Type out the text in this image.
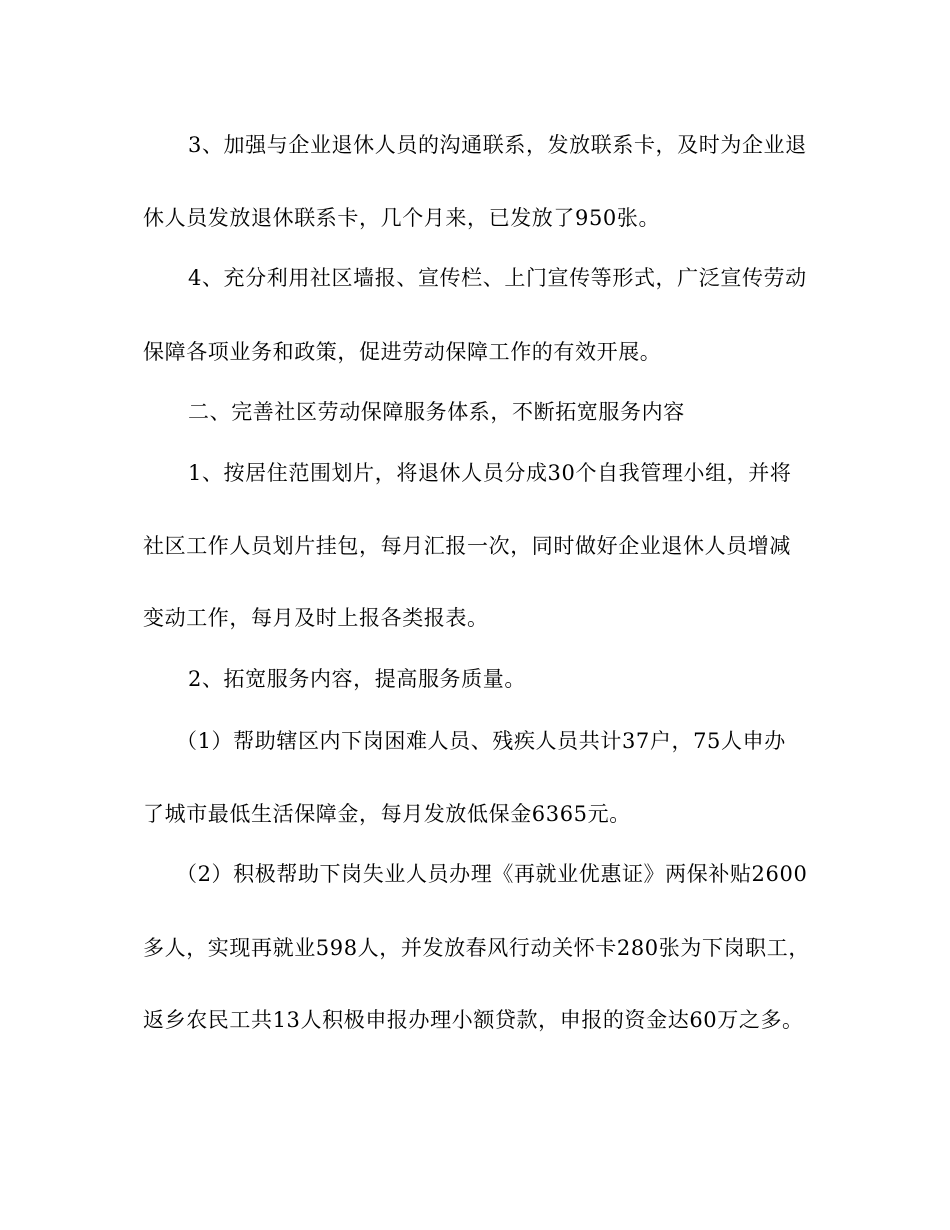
3、加强与企业退休人员的沟通联系，发放联系卡，及时为企业退
休人员发放退休联系卡，几个月来，已发放了950张。
4、充分利用社区墙报、宣传栏、上门宣传等形式，广泛宣传劳动
保障各项业务和政策，促进劳动保障工作的有效开展。
二、完善社区劳动保障服务体系，不断拓宽服务内容
1、按居住范围划片，将退休人员分成30个自我管理小组，并将
社区工作人员划片挂包，每月汇报一次，同时做好企业退休人员增减
变动工作，每月及时上报各类报表。
2、拓宽服务内容，提高服务质量。
（1）帮助辖区内下岗困难人员、残疾人员共计37户，75人申办
了城市最低生活保障金，每月发放低保金6365元。
（2）积极帮助下岗失业人员办理《再就业优惠证》两保补贴2600
多人，实现再就业598人，并发放春风行动关怀卡280张为下岗职工，
返乡农民工共13人积极申报办理小额贷款，申报的资金达60万之多。
